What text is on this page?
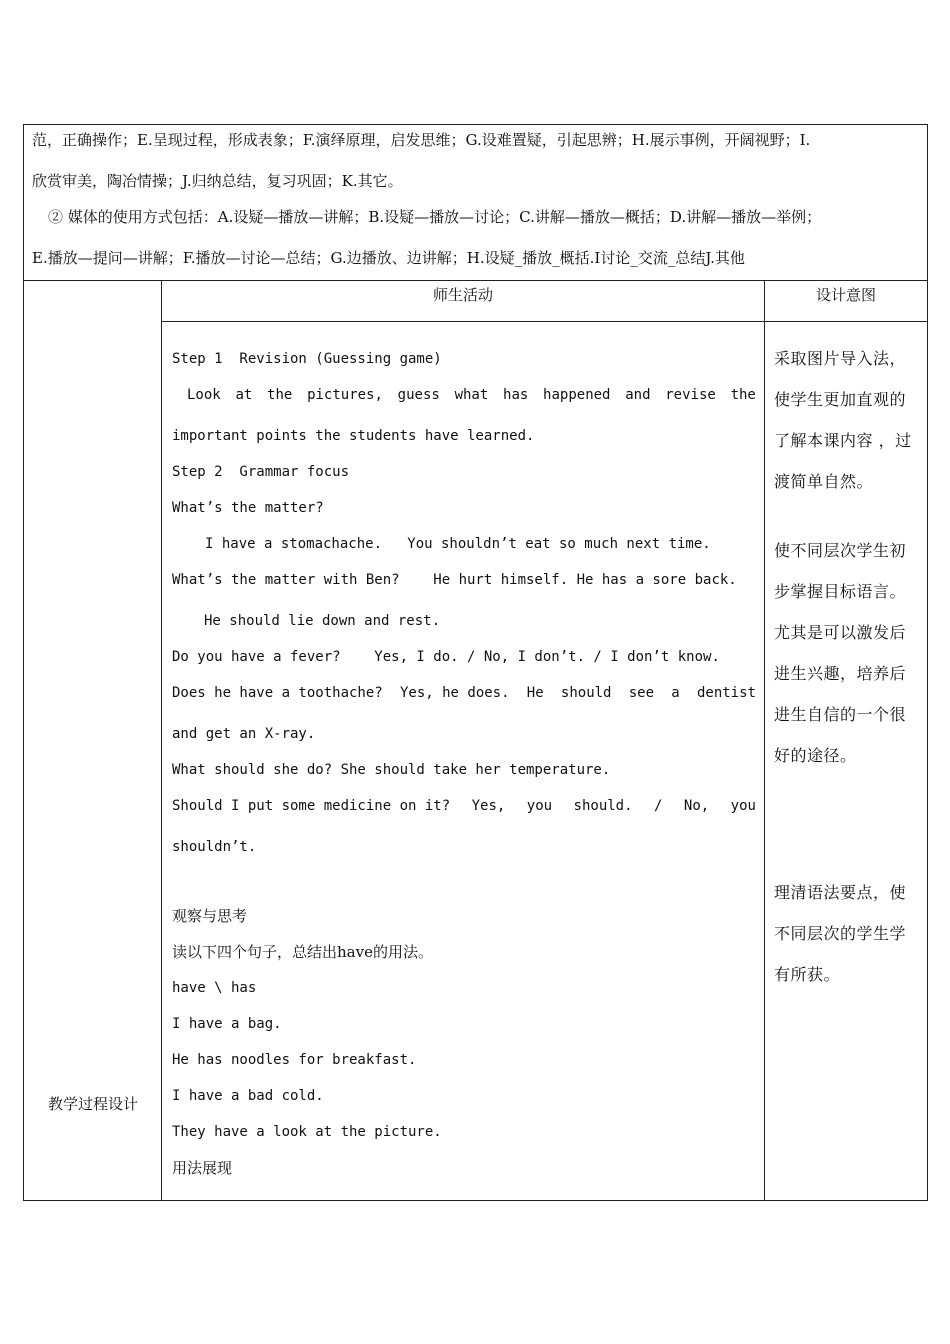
范，正确操作；E.呈现过程，形成表象；F.演绎原理，启发思维；G.设难置疑，引起思辨；H.展示事例，开阔视野；I.
欣赏审美，陶冶情操；J.归纳总结，复习巩固；K.其它。
② 媒体的使用方式包括：A.设疑—播放—讲解；B.设疑—播放—讨论；C.讲解—播放—概括；D.讲解—播放—举例；
E.播放—提问—讲解；F.播放—讨论—总结；G.边播放、边讲解；H.设疑_播放_概括.I讨论_交流_总结J.其他
教学过程设计
师生活动	设计意图
Step 1  Revision (Guessing game)
Look at the pictures, guess what has happened and revise the
important points the students have learned.
Step 2  Grammar focus
What’s the matter?
I have a stomachache.   You shouldn’t eat so much next time.
What’s the matter with Ben?    He hurt himself. He has a sore back.
He should lie down and rest.
Do you have a fever?    Yes, I do. / No, I don’t. / I don’t know.
Does he have a toothache? Yes, he does. He should see a dentist
and get an X-ray.
What should she do? She should take her temperature.
Should I put some medicine on it? Yes, you should. / No, you
shouldn’t.
观察与思考
读以下四个句子，总结出have的用法。
have \ has
I have a bag.
He has noodles for breakfast.
I have a bad cold.
They have a look at the picture.
用法展现
采取图片导入法，
使学生更加直观的
了解本课内容 ，过
渡简单自然。
使不同层次学生初
步掌握目标语言。
尤其是可以激发后
进生兴趣，培养后
进生自信的一个很
好的途径。
理清语法要点，使
不同层次的学生学
有所获。
